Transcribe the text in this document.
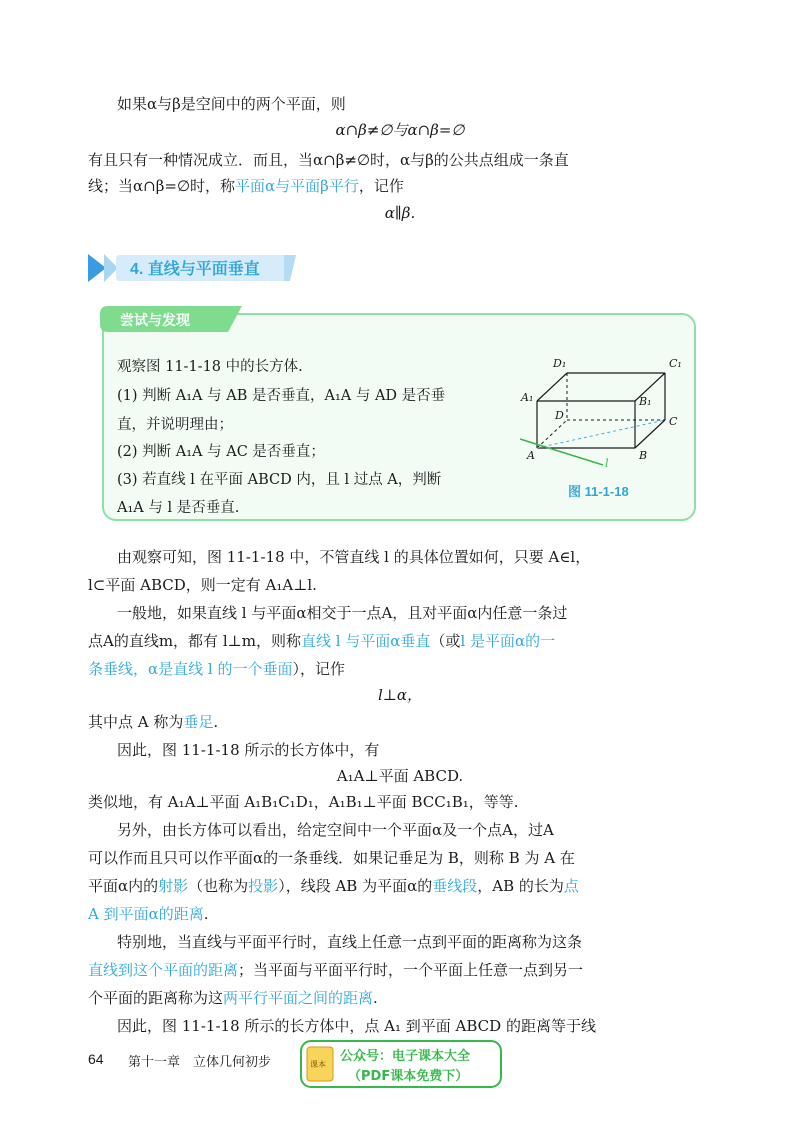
如果α与β是空间中的两个平面，则
α∩β≠∅与α∩β=∅
有且只有一种情况成立．而且，当α∩β≠∅时，α与β的公共点组成一条直
线；当α∩β=∅时，称平面α与平面β平行，记作
α∥β.
4. 直线与平面垂直
尝试与发现
观察图 11-1-18 中的长方体.
(1) 判断 A₁A 与 AB 是否垂直，A₁A 与 AD 是否垂
直，并说明理由；
(2) 判断 A₁A 与 AC 是否垂直；
(3) 若直线 l 在平面 ABCD 内，且 l 过点 A，判断
A₁A 与 l 是否垂直.
D₁	C₁
A₁	B₁
D	C
A	B
l
图 11-1-18
由观察可知，图 11-1-18 中，不管直线 l 的具体位置如何，只要 A∈l，
l⊂平面 ABCD，则一定有 A₁A⊥l.
一般地，如果直线 l 与平面α相交于一点A，且对平面α内任意一条过
点A的直线m，都有 l⊥m，则称直线 l 与平面α垂直（或l 是平面α的一
条垂线，α是直线 l 的一个垂面），记作
l⊥α，
其中点 A 称为垂足.
因此，图 11-1-18 所示的长方体中，有
A₁A⊥平面 ABCD.
类似地，有 A₁A⊥平面 A₁B₁C₁D₁，A₁B₁⊥平面 BCC₁B₁，等等.
另外，由长方体可以看出，给定空间中一个平面α及一个点A，过A
可以作而且只可以作平面α的一条垂线．如果记垂足为 B，则称 B 为 A 在
平面α内的射影（也称为投影），线段 AB 为平面α的垂线段，AB 的长为点
A 到平面α的距离.
特别地，当直线与平面平行时，直线上任意一点到平面的距离称为这条
直线到这个平面的距离；当平面与平面平行时，一个平面上任意一点到另一
个平面的距离称为这两平行平面之间的距离.
因此，图 11-1-18 所示的长方体中，点 A₁ 到平面 ABCD 的距离等于线
64 第十一章　立体几何初步	课本
公众号：电子课本大全
（PDF课本免费下）
